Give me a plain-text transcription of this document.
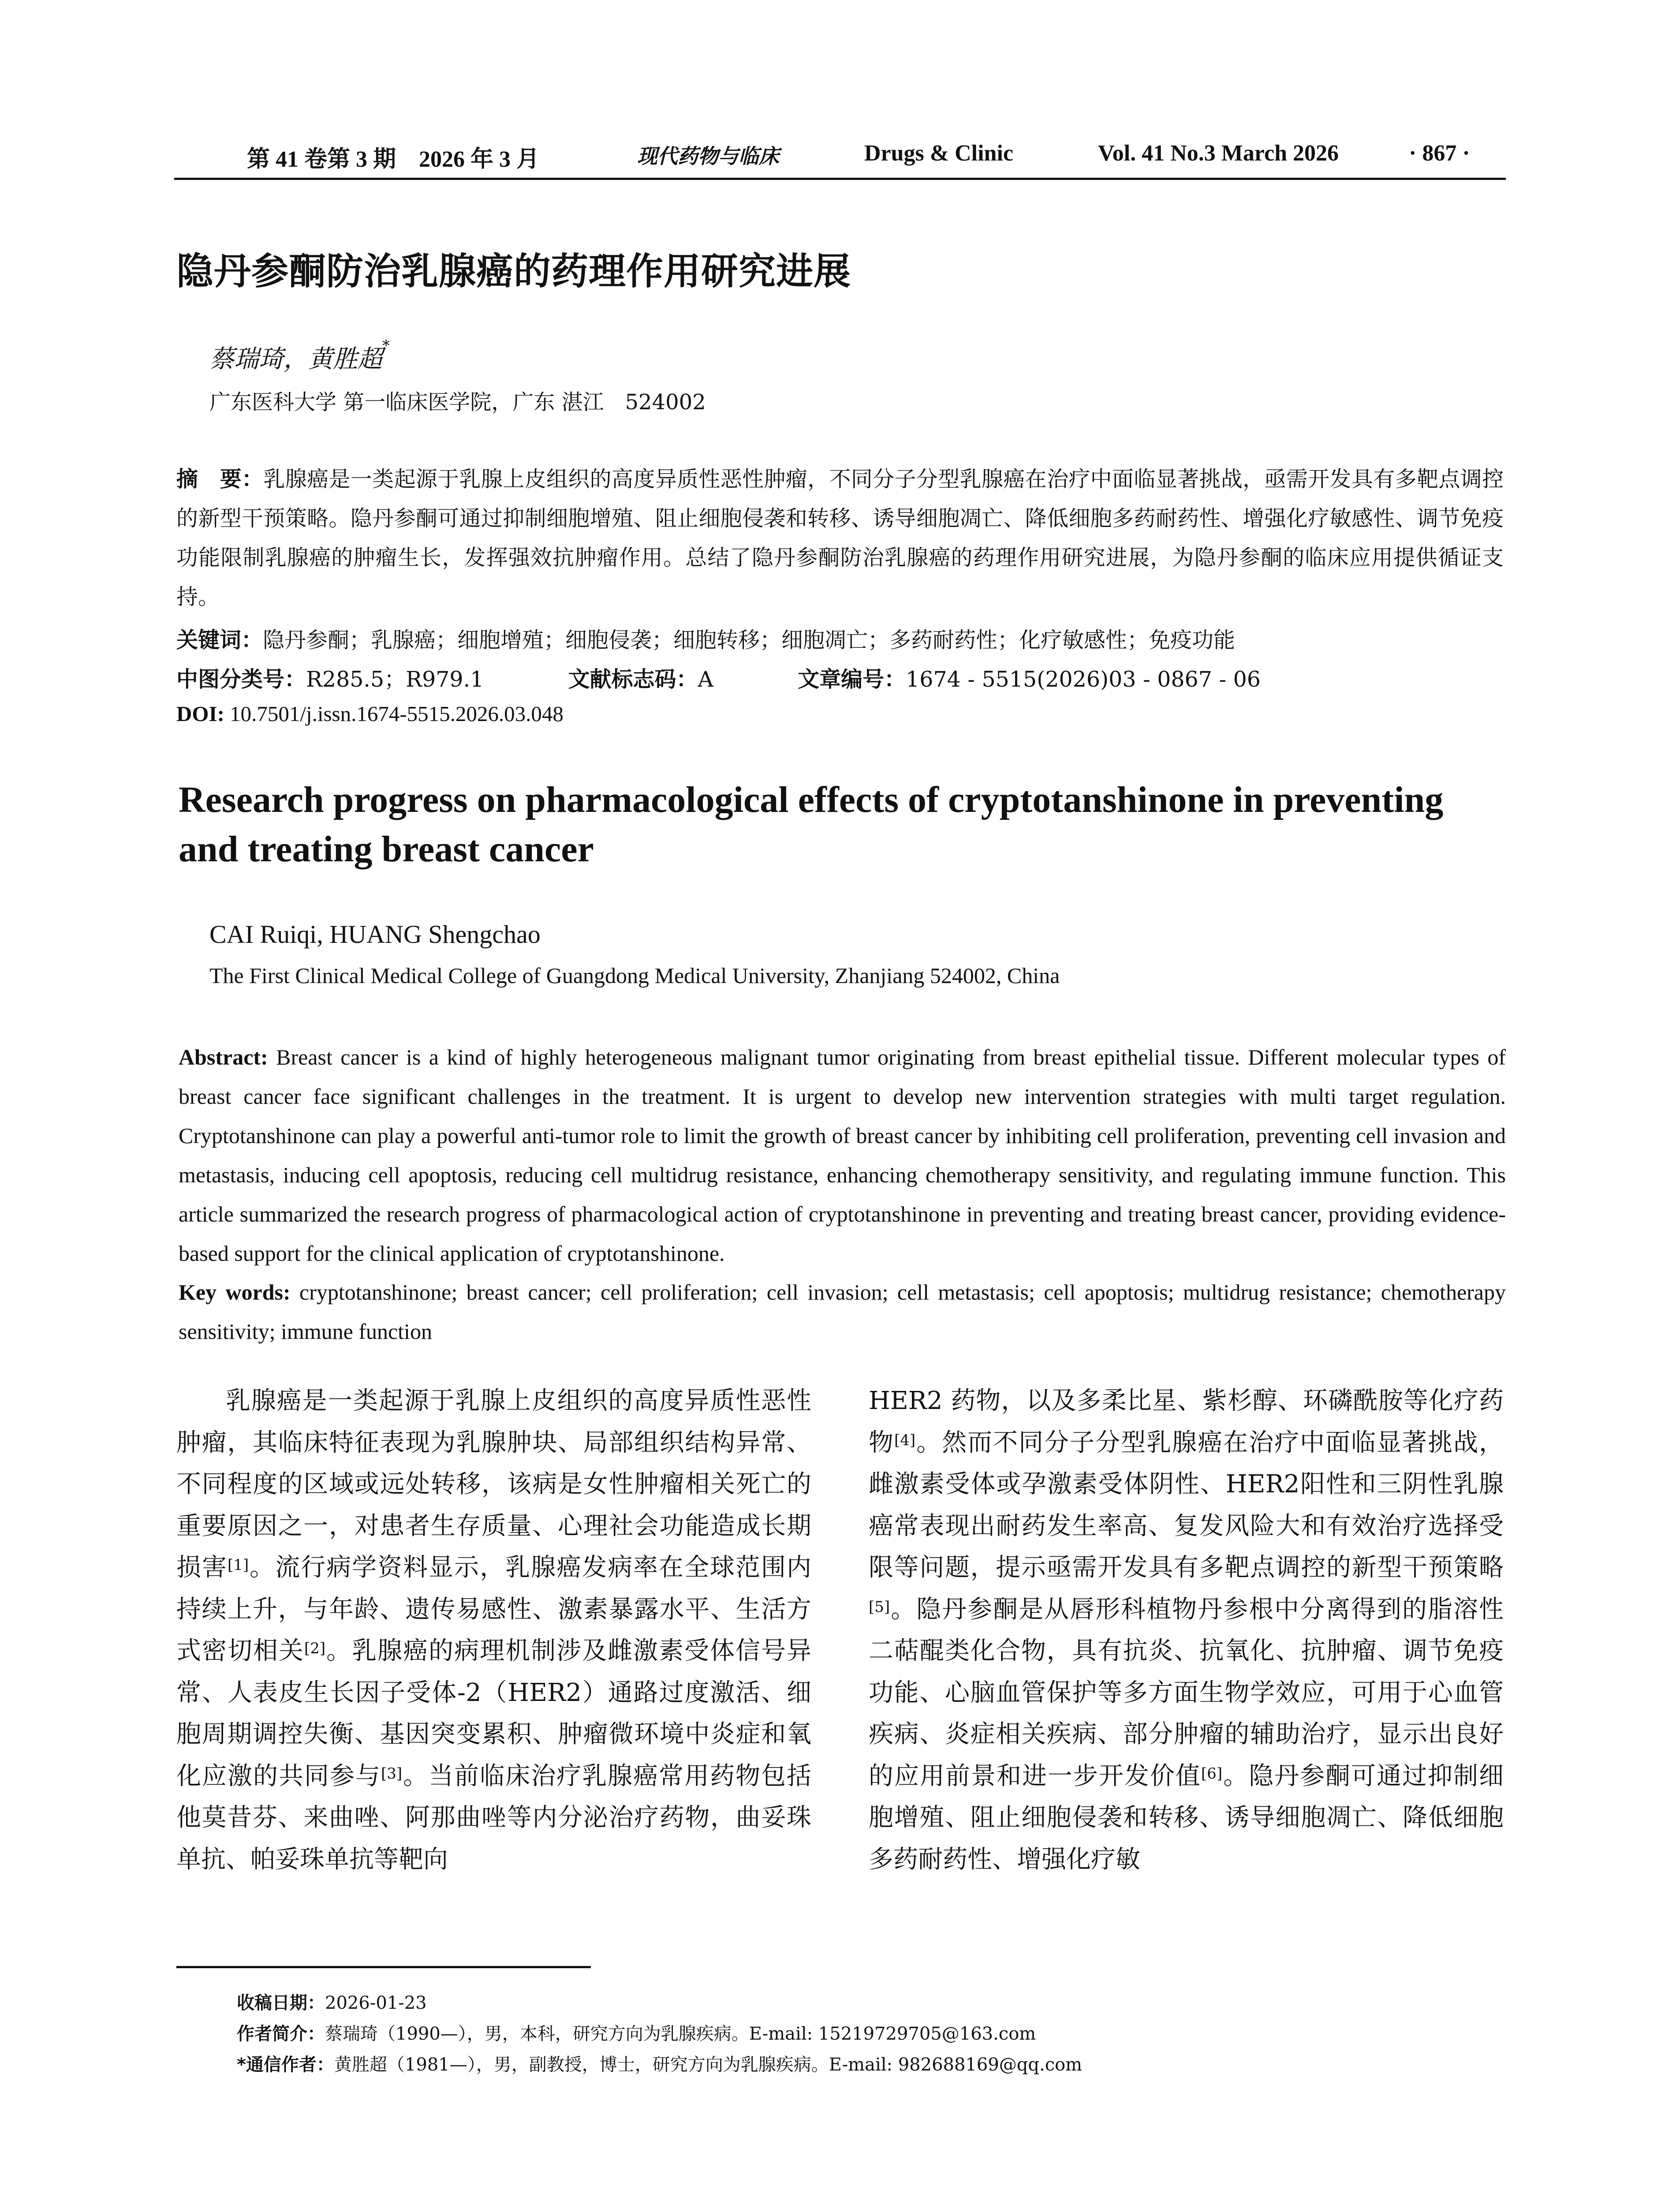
第 41 卷第 3 期　2026 年 3 月	现代药物与临床	Drugs & Clinic	Vol. 41 No.3 March 2026	· 867 ·
隐丹参酮防治乳腺癌的药理作用研究进展
蔡瑞琦，黄胜超*
广东医科大学 第一临床医学院，广东 湛江　524002
摘　要：乳腺癌是一类起源于乳腺上皮组织的高度异质性恶性肿瘤，不同分子分型乳腺癌在治疗中面临显著挑战，亟需开发具有多靶点调控的新型干预策略。隐丹参酮可通过抑制细胞增殖、阻止细胞侵袭和转移、诱导细胞凋亡、降低细胞多药耐药性、增强化疗敏感性、调节免疫功能限制乳腺癌的肿瘤生长，发挥强效抗肿瘤作用。总结了隐丹参酮防治乳腺癌的药理作用研究进展，为隐丹参酮的临床应用提供循证支持。
关键词：隐丹参酮；乳腺癌；细胞增殖；细胞侵袭；细胞转移；细胞凋亡；多药耐药性；化疗敏感性；免疫功能
中图分类号：R285.5；R979.1	文献标志码：A	文章编号：1674 - 5515(2026)03 - 0867 - 06
DOI: 10.7501/j.issn.1674-5515.2026.03.048
Research progress on pharmacological effects of cryptotanshinone in preventing and treating breast cancer
CAI Ruiqi, HUANG Shengchao
The First Clinical Medical College of Guangdong Medical University, Zhanjiang 524002, China
Abstract: Breast cancer is a kind of highly heterogeneous malignant tumor originating from breast epithelial tissue. Different molecular types of breast cancer face significant challenges in the treatment. It is urgent to develop new intervention strategies with multi target regulation. Cryptotanshinone can play a powerful anti-tumor role to limit the growth of breast cancer by inhibiting cell proliferation, preventing cell invasion and metastasis, inducing cell apoptosis, reducing cell multidrug resistance, enhancing chemotherapy sensitivity, and regulating immune function. This article summarized the research progress of pharmacological action of cryptotanshinone in preventing and treating breast cancer, providing evidence-based support for the clinical application of cryptotanshinone.
Key words: cryptotanshinone; breast cancer; cell proliferation; cell invasion; cell metastasis; cell apoptosis; multidrug resistance; chemotherapy sensitivity; immune function

乳腺癌是一类起源于乳腺上皮组织的高度异质性恶性肿瘤，其临床特征表现为乳腺肿块、局部组织结构异常、不同程度的区域或远处转移，该病是女性肿瘤相关死亡的重要原因之一，对患者生存质量、心理社会功能造成长期损害[1]。流行病学资料显示，乳腺癌发病率在全球范围内持续上升，与年龄、遗传易感性、激素暴露水平、生活方式密切相关[2]。乳腺癌的病理机制涉及雌激素受体信号异常、人表皮生长因子受体-2（HER2）通路过度激活、细胞周期调控失衡、基因突变累积、肿瘤微环境中炎症和氧化应激的共同参与[3]。当前临床治疗乳腺癌常用药物包括他莫昔芬、来曲唑、阿那曲唑等内分泌治疗药物，曲妥珠单抗、帕妥珠单抗等靶向

HER2 药物，以及多柔比星、紫杉醇、环磷酰胺等化疗药物[4]。然而不同分子分型乳腺癌在治疗中面临显著挑战，雌激素受体或孕激素受体阴性、HER2阳性和三阴性乳腺癌常表现出耐药发生率高、复发风险大和有效治疗选择受限等问题，提示亟需开发具有多靶点调控的新型干预策略[5]。隐丹参酮是从唇形科植物丹参根中分离得到的脂溶性二萜醌类化合物，具有抗炎、抗氧化、抗肿瘤、调节免疫功能、心脑血管保护等多方面生物学效应，可用于心血管疾病、炎症相关疾病、部分肿瘤的辅助治疗，显示出良好的应用前景和进一步开发价值[6]。隐丹参酮可通过抑制细胞增殖、阻止细胞侵袭和转移、诱导细胞凋亡、降低细胞多药耐药性、增强化疗敏

收稿日期：2026-01-23
作者简介：蔡瑞琦（1990—），男，本科，研究方向为乳腺疾病。E-mail: 15219729705@163.com
*通信作者：黄胜超（1981—），男，副教授，博士，研究方向为乳腺疾病。E-mail: 982688169@qq.com
